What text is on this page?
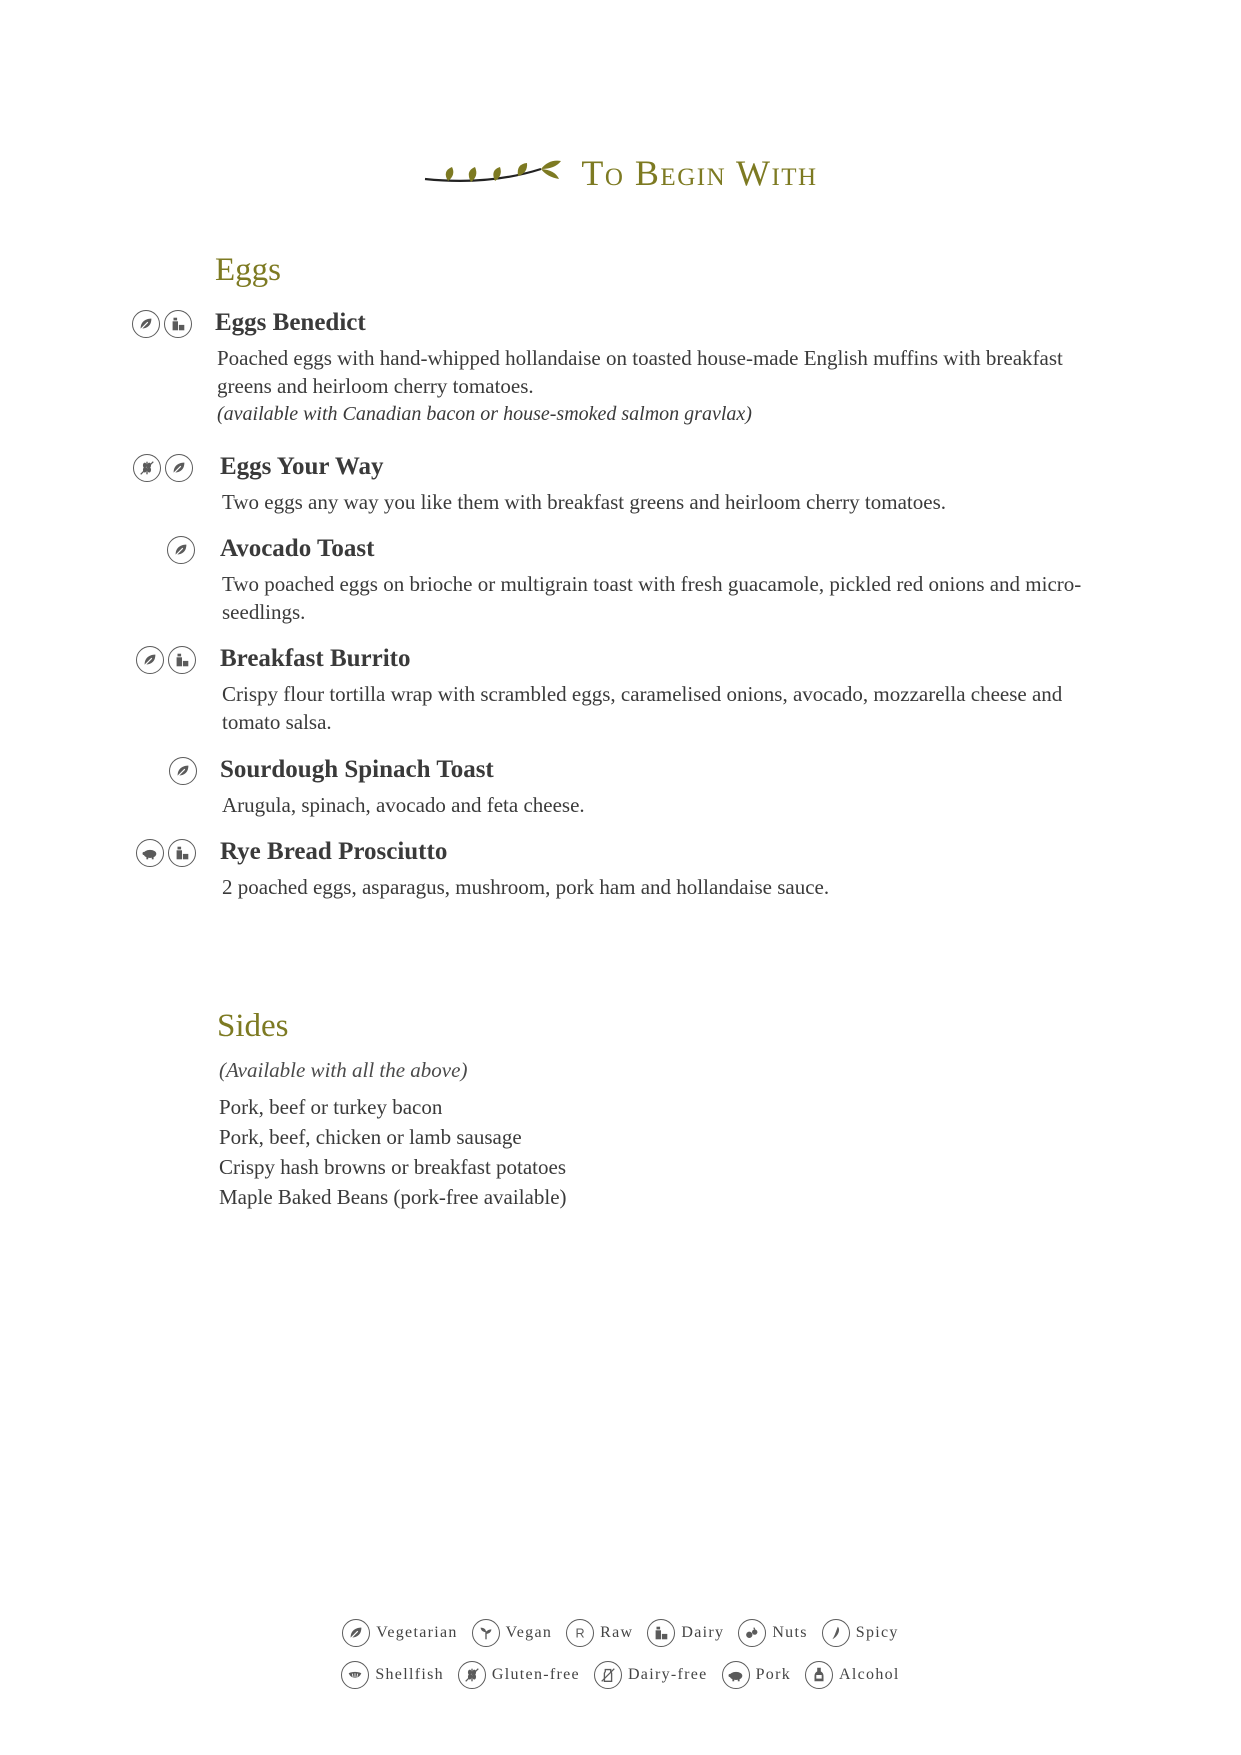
To Begin With
Eggs
Eggs Benedict
Poached eggs with hand-whipped hollandaise on toasted house-made English muffins with breakfast greens and heirloom cherry tomatoes.
(available with Canadian bacon or house-smoked salmon gravlax)
Eggs Your Way
Two eggs any way you like them with breakfast greens and heirloom cherry tomatoes.
Avocado Toast
Two poached eggs on brioche or multigrain toast with fresh guacamole, pickled red onions and micro-seedlings.
Breakfast Burrito
Crispy flour tortilla wrap with scrambled eggs, caramelised onions, avocado, mozzarella cheese and tomato salsa.
Sourdough Spinach Toast
Arugula, spinach, avocado and feta cheese.
Rye Bread Prosciutto
2 poached eggs, asparagus, mushroom, pork ham and hollandaise sauce.
Sides
(Available with all the above)
Pork, beef or turkey bacon
Pork, beef, chicken or lamb sausage
Crispy hash browns or breakfast potatoes
Maple Baked Beans (pork-free available)
Vegetarian	Vegan R Raw	Dairy	Nuts	Spicy
Shellfish	Gluten-free	Dairy-free	Pork	Alcohol
